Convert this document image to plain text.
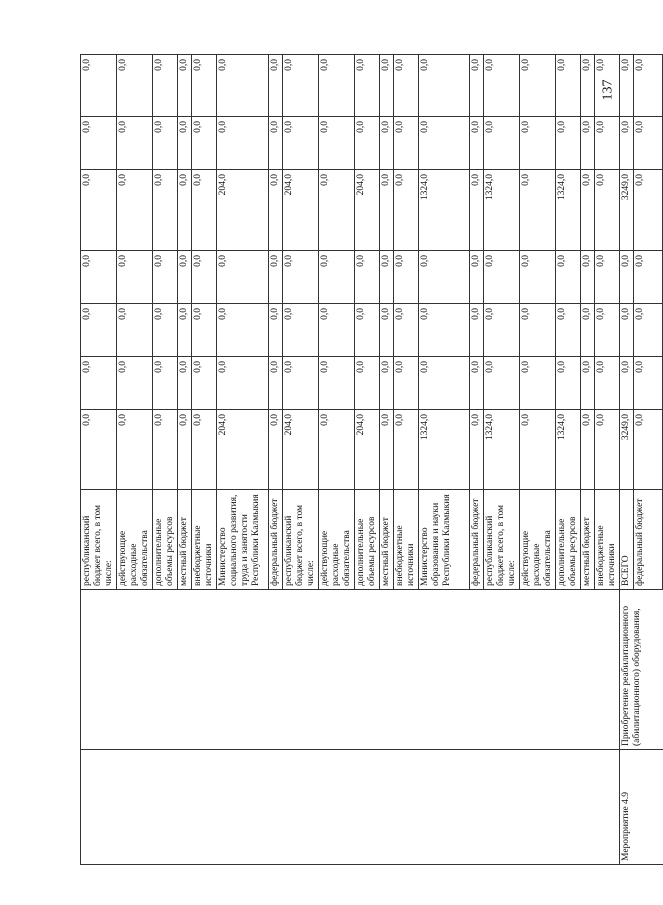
		республиканский бюджет всего, в том числе:	0,0	0,0	0,0	0,0	0,0	0,0	0,0
		действующие расходные обязательства	0,0	0,0	0,0	0,0	0,0	0,0	0,0
		дополнительные объемы ресурсов	0,0	0,0	0,0	0,0	0,0	0,0	0,0
		местный бюджет	0,0	0,0	0,0	0,0	0,0	0,0	0,0
		внебюджетные источники	0,0	0,0	0,0	0,0	0,0	0,0	0,0
		Министерство социального развития, труда и занятости Республики Калмыкия	204,0	0,0	0,0	0,0	204,0	0,0	0,0
		федеральный бюджет	0,0	0,0	0,0	0,0	0,0	0,0	0,0
		республиканский бюджет всего, в том числе:	204,0	0,0	0,0	0,0	204,0	0,0	0,0
		действующие расходные обязательства	0,0	0,0	0,0	0,0	0,0	0,0	0,0
		дополнительные объемы ресурсов	204,0	0,0	0,0	0,0	204,0	0,0	0,0
		местный бюджет	0,0	0,0	0,0	0,0	0,0	0,0	0,0
		внебюджетные источники	0,0	0,0	0,0	0,0	0,0	0,0	0,0
		Министерство образования и науки Республики Калмыкия	1324,0	0,0	0,0	0,0	1324,0	0,0	0,0
		федеральный бюджет	0,0	0,0	0,0	0,0	0,0	0,0	0,0
		республиканский бюджет всего, в том числе:	1324,0	0,0	0,0	0,0	1324,0	0,0	0,0
		действующие расходные обязательства	0,0	0,0	0,0	0,0	0,0	0,0	0,0
		дополнительные объемы ресурсов	1324,0	0,0	0,0	0,0	1324,0	0,0	0,0
		местный бюджет	0,0	0,0	0,0	0,0	0,0	0,0	0,0
		внебюджетные источники	0,0	0,0	0,0	0,0	0,0	0,0	0,0
Мероприятие 4.9	Приобретение реабилитационного (абилитационного) оборудования,	ВСЕГО	3249,0	0,0	0,0	0,0	3249,0	0,0	0,0
		федеральный бюджет	0,0	0,0	0,0	0,0	0,0	0,0	0,0
137
